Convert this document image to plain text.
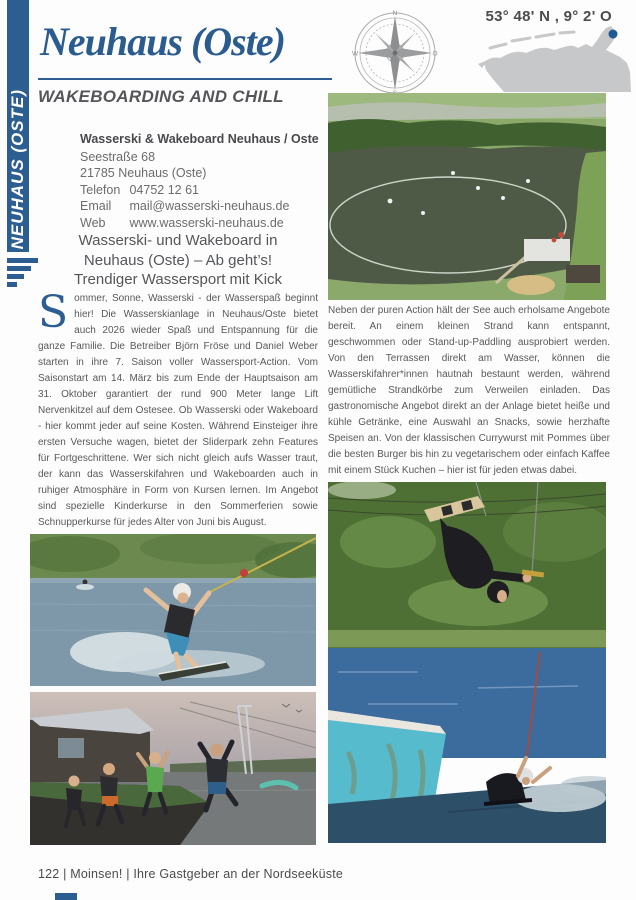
NEUHAUS (OSTE)
Neuhaus (Oste)
WAKEBOARDING AND CHILL
N
O
W
53° 48' N , 9° 2' O
Wasserski & Wakeboard Neuhaus / Oste
Seestraße 68
21785 Neuhaus (Oste)
Telefon 04752 12 61
Email mail@wasserski-neuhaus.de
Web www.wasserski-neuhaus.de
Wasserski- und Wakeboard in
Neuhaus (Oste) – Ab geht’s!
Trendiger Wassersport mit Kick
Sommer, Sonne, Wasserski - der Wasserspaß beginnt hier! Die Wasserskianlage in Neuhaus/Oste bietet auch 2026 wieder Spaß und Entspannung für die ganze Familie. Die Betreiber Björn Fröse und Daniel Weber starten in ihre 7. Saison voller Wassersport-Action. Vom Saisonstart am 14. März bis zum Ende der Hauptsaison am 31. Oktober garantiert der rund 900 Meter lange Lift Nervenkitzel auf dem Ostesee. Ob Wasserski oder Wakeboard - hier kommt jeder auf seine Kosten. Während Einsteiger ihre ersten Versuche wagen, bietet der Sliderpark zehn Features für Fortgeschrittene. Wer sich nicht gleich aufs Wasser traut, der kann das Wasserskifahren und Wakeboarden auch in ruhiger Atmosphäre in Form von Kursen lernen. Im Angebot sind spezielle Kinderkurse in den Sommerferien sowie Schnupperkurse für jedes Alter von Juni bis August.
Neben der puren Action hält der See auch erholsame Angebote bereit. An einem kleinen Strand kann entspannt, geschwommen oder Stand-up-Paddling ausprobiert werden. Von den Terrassen direkt am Wasser, können die Wasserskifahrer*innen hautnah bestaunt werden, während gemütliche Strandkörbe zum Verweilen einladen. Das gastronomische Angebot direkt an der Anlage bietet heiße und kühle Getränke, eine Auswahl an Snacks, sowie herzhafte Speisen an. Von der klassischen Currywurst mit Pommes über die besten Burger bis hin zu vegetarischem oder einfach Kaffee mit einem Stück Kuchen – hier ist für jeden etwas dabei.
122 | Moinsen! | Ihre Gastgeber an der Nordseeküste
